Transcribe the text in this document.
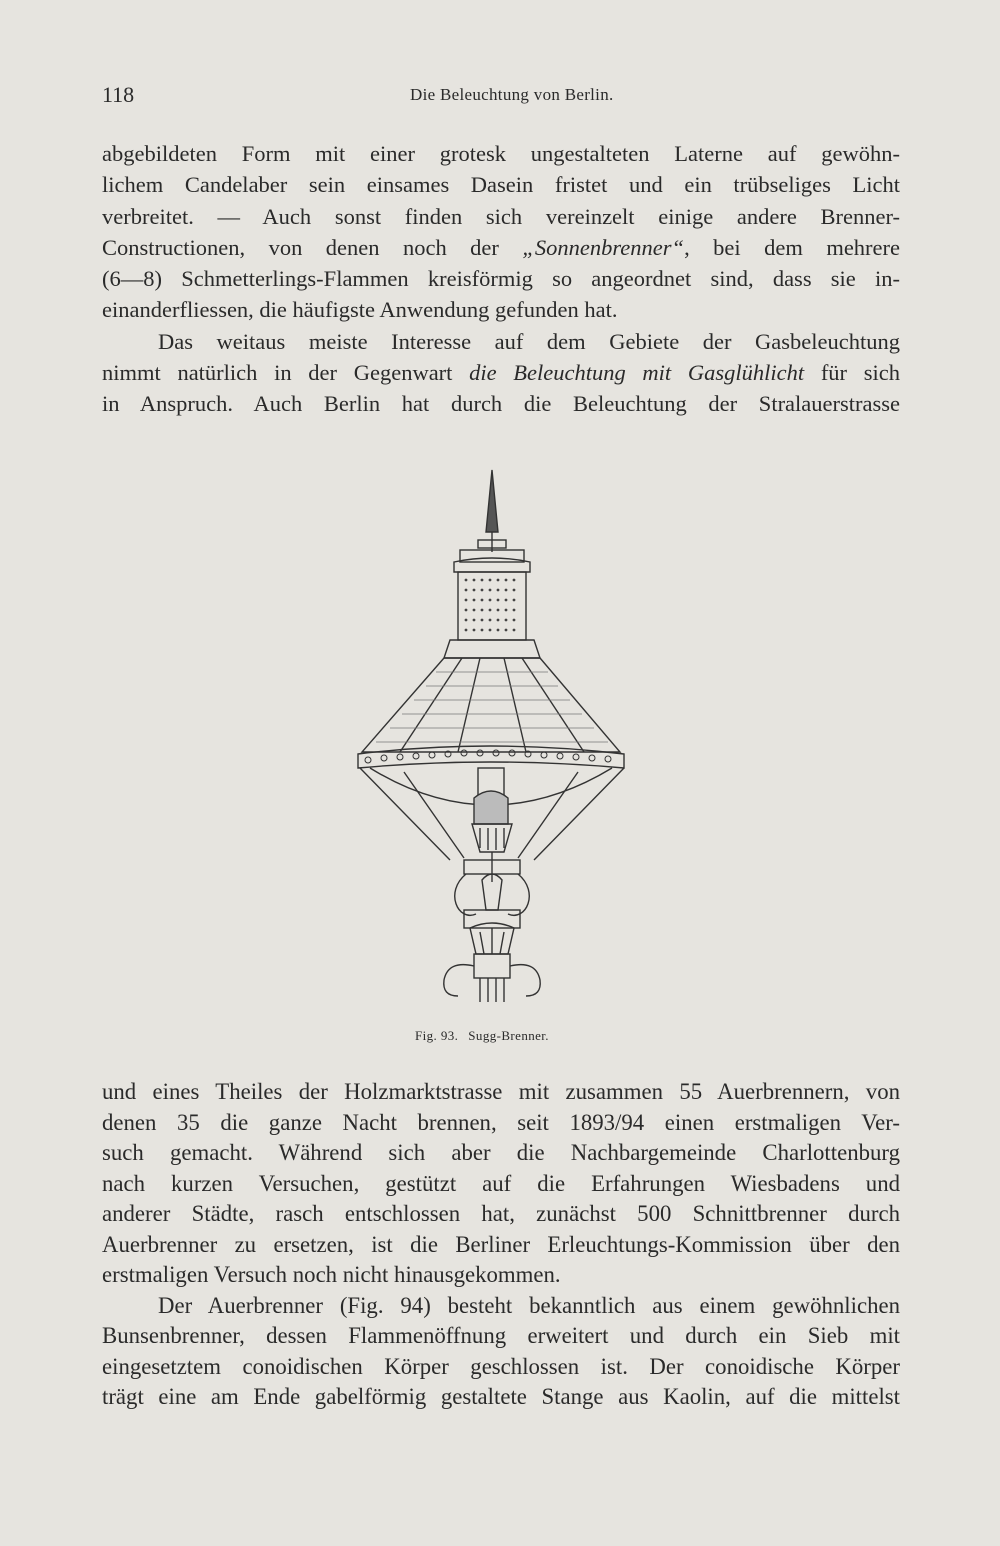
118	Die Beleuchtung von Berlin.
abgebildeten Form mit einer grotesk ungestalteten Laterne auf gewöhn-
lichem Candelaber sein einsames Dasein fristet und ein trübseliges Licht
verbreitet. — Auch sonst finden sich vereinzelt einige andere Brenner-
Constructionen, von denen noch der „Sonnenbrenner“, bei dem mehrere
(6—8) Schmetterlings-Flammen kreisförmig so angeordnet sind, dass sie in-
einanderfliessen, die häufigste Anwendung gefunden hat.
Das weitaus meiste Interesse auf dem Gebiete der Gasbeleuchtung
nimmt natürlich in der Gegenwart die Beleuchtung mit Gasglühlicht für sich
in Anspruch. Auch Berlin hat durch die Beleuchtung der Stralauerstrasse
Fig. 93. Sugg-Brenner.
und eines Theiles der Holzmarktstrasse mit zusammen 55 Auerbrennern, von
denen 35 die ganze Nacht brennen, seit 1893/94 einen erstmaligen Ver-
such gemacht. Während sich aber die Nachbargemeinde Charlottenburg
nach kurzen Versuchen, gestützt auf die Erfahrungen Wiesbadens und
anderer Städte, rasch entschlossen hat, zunächst 500 Schnittbrenner durch
Auerbrenner zu ersetzen, ist die Berliner Erleuchtungs-Kommission über den
erstmaligen Versuch noch nicht hinausgekommen.
Der Auerbrenner (Fig. 94) besteht bekanntlich aus einem gewöhnlichen
Bunsenbrenner, dessen Flammenöffnung erweitert und durch ein Sieb mit
eingesetztem conoidischen Körper geschlossen ist. Der conoidische Körper
trägt eine am Ende gabelförmig gestaltete Stange aus Kaolin, auf die mittelst
